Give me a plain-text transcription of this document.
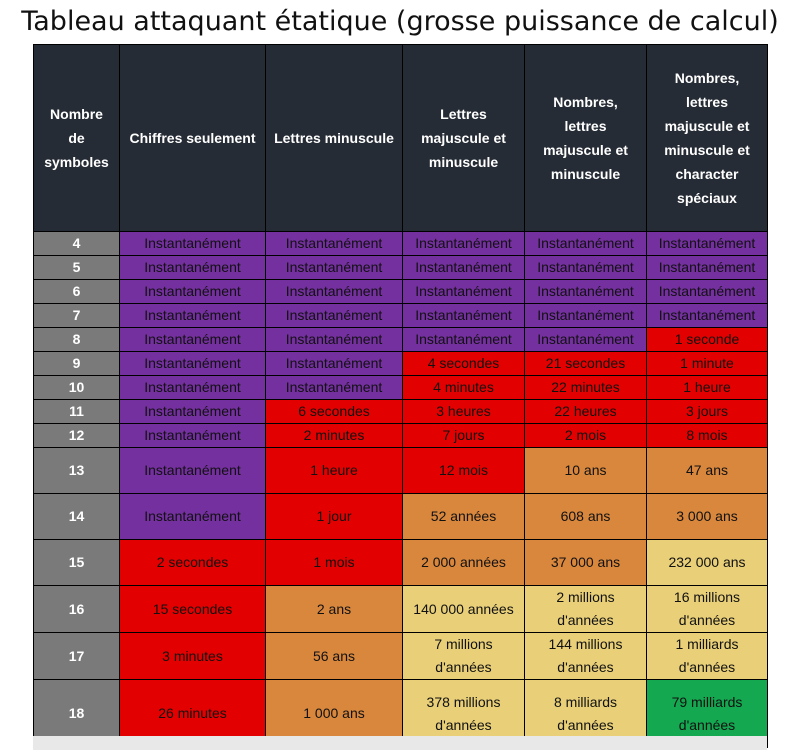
Tableau attaquant étatique (grosse puissance de calcul)
Nombre de symboles	Chiffres seulement	Lettres minuscule	Lettres majuscule et minuscule	Nombres, lettres majuscule et minuscule	Nombres, lettres majuscule et minuscule et character spéciaux
4	Instantanément	Instantanément	Instantanément	Instantanément	Instantanément
5	Instantanément	Instantanément	Instantanément	Instantanément	Instantanément
6	Instantanément	Instantanément	Instantanément	Instantanément	Instantanément
7	Instantanément	Instantanément	Instantanément	Instantanément	Instantanément
8	Instantanément	Instantanément	Instantanément	Instantanément	1 seconde
9	Instantanément	Instantanément	4 secondes	21 secondes	1 minute
10	Instantanément	Instantanément	4 minutes	22 minutes	1 heure
11	Instantanément	6 secondes	3 heures	22 heures	3 jours
12	Instantanément	2 minutes	7 jours	2 mois	8 mois
13	Instantanément	1 heure	12 mois	10 ans	47 ans
14	Instantanément	1 jour	52 années	608 ans	3 000 ans
15	2 secondes	1 mois	2 000 années	37 000 ans	232 000 ans
16	15 secondes	2 ans	140 000 années	2 millions d'années	16 millions d'années
17	3 minutes	56 ans	7 millions d'années	144 millions d'années	1 milliards d'années
18	26 minutes	1 000 ans	378 millions d'années	8 milliards d'années	79 milliards d'années
